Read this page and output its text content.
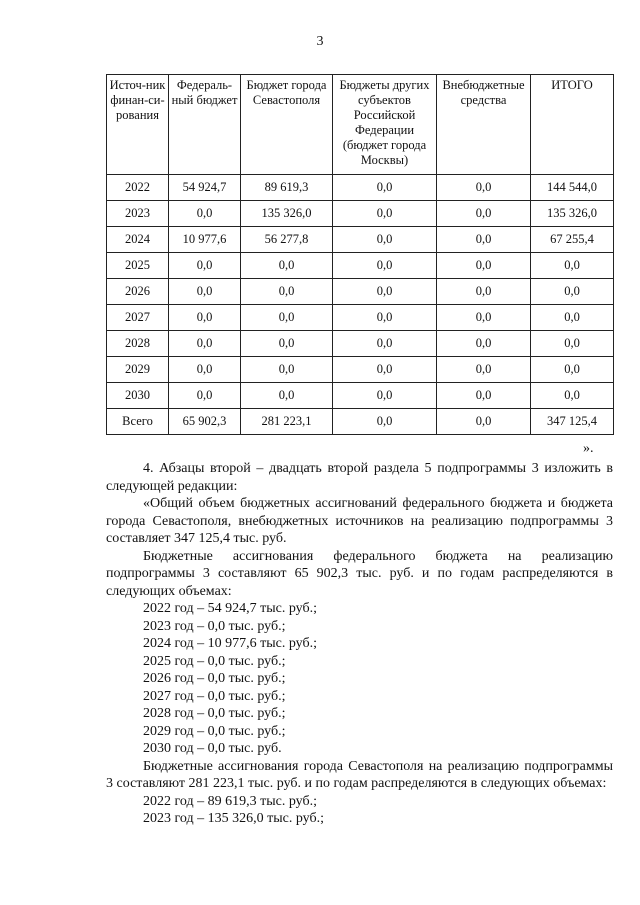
3
Источ-ник финан-си-рования	Федераль-ный бюджет	Бюджет города Севастополя	Бюджеты других субъектов Российской Федерации (бюджет города Москвы)	Внебюджетные средства	ИТОГО
2022	54 924,7	89 619,3	0,0	0,0	144 544,0
2023	0,0	135 326,0	0,0	0,0	135 326,0
2024	10 977,6	56 277,8	0,0	0,0	67 255,4
2025	0,0	0,0	0,0	0,0	0,0
2026	0,0	0,0	0,0	0,0	0,0
2027	0,0	0,0	0,0	0,0	0,0
2028	0,0	0,0	0,0	0,0	0,0
2029	0,0	0,0	0,0	0,0	0,0
2030	0,0	0,0	0,0	0,0	0,0
Всего	65 902,3	281 223,1	0,0	0,0	347 125,4
».

4. Абзацы второй – двадцать второй раздела 5 подпрограммы 3 изложить в следующей редакции:

«Общий объем бюджетных ассигнований федерального бюджета и бюджета города Севастополя, внебюджетных источников на реализацию подпрограммы 3 составляет 347 125,4 тыс. руб.

Бюджетные ассигнования федерального бюджета на реализацию подпрограммы 3 составляют 65 902,3 тыс. руб. и по годам распределяются в следующих объемах:

2022 год – 54 924,7 тыс. руб.;

2023 год – 0,0 тыс. руб.;

2024 год – 10 977,6 тыс. руб.;

2025 год – 0,0 тыс. руб.;

2026 год – 0,0 тыс. руб.;

2027 год – 0,0 тыс. руб.;

2028 год – 0,0 тыс. руб.;

2029 год – 0,0 тыс. руб.;

2030 год – 0,0 тыс. руб.

Бюджетные ассигнования города Севастополя на реализацию подпрограммы 3 составляют 281 223,1 тыс. руб. и по годам распределяются в следующих объемах:

2022 год – 89 619,3 тыс. руб.;

2023 год – 135 326,0 тыс. руб.;
